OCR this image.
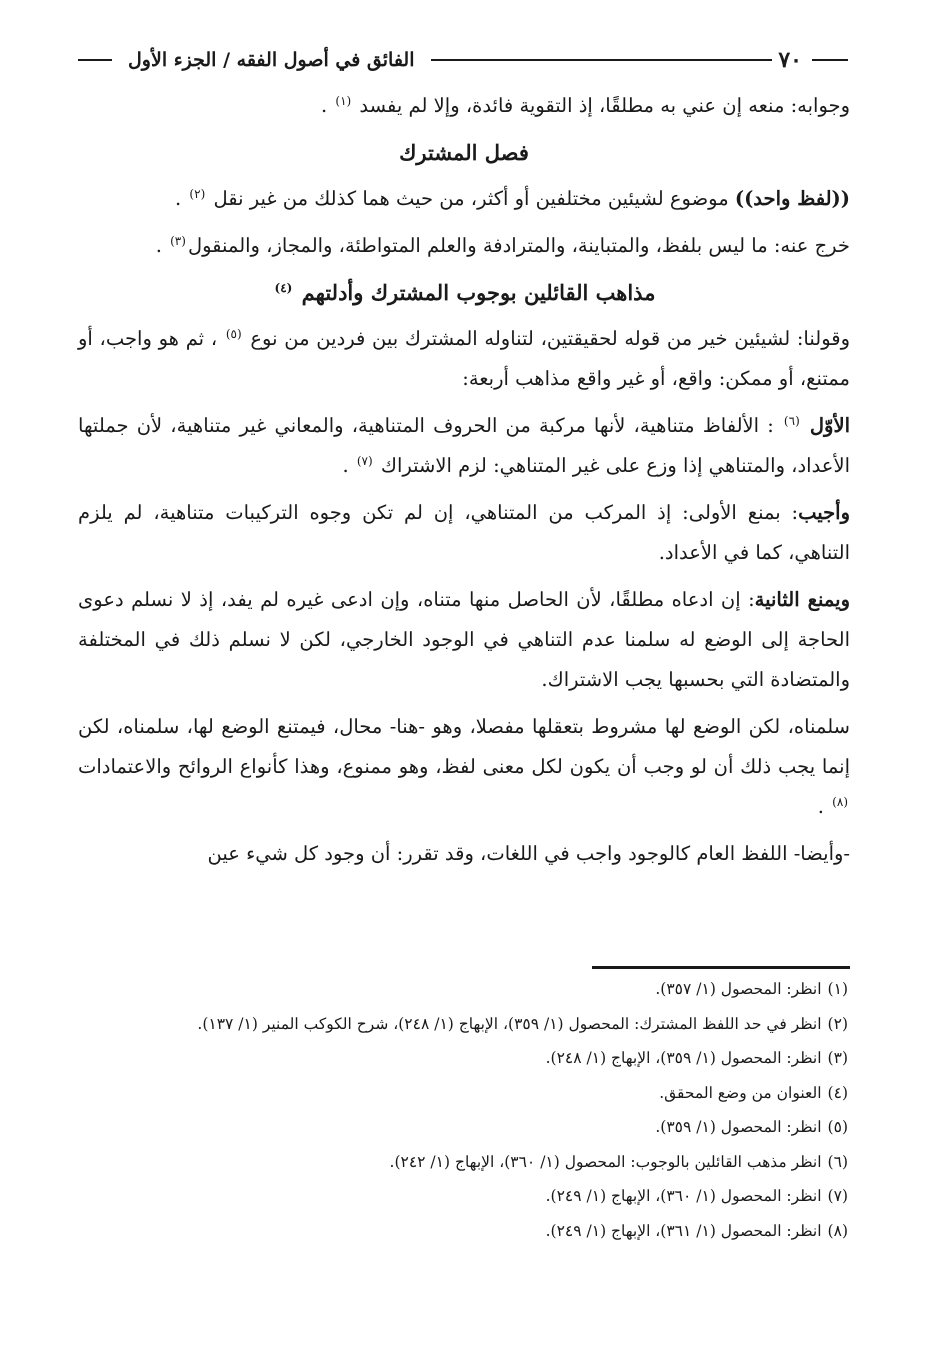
٧٠
الفائق في أصول الفقه / الجزء الأول

وجوابه: منعه إن عني به مطلقًا، إذ التقوية فائدة، وإلا لم يفسد $^{(١)}$ .

فصل المشترك

((لفظ واحد)) موضوع لشيئين مختلفين أو أكثر، من حيث هما كذلك من غير نقل $^{(٢)}$ .

خرج عنه: ما ليس بلفظ، والمتباينة، والمترادفة والعلم المتواطئة، والمجاز، والمنقول$^{(٣)}$ .

مذاهب القائلين بوجوب المشترك وأدلتهم $^{(٤)}$

وقولنا: لشيئين خير من قوله لحقيقتين، لتناوله المشترك بين فردين من نوع $^{(٥)}$ ، ثم هو واجب، أو ممتنع، أو ممكن: واقع، أو غير واقع مذاهب أربعة:

الأوّل $^{(٦)}$ : الألفاظ متناهية، لأنها مركبة من الحروف المتناهية، والمعاني غير متناهية، لأن جملتها الأعداد، والمتناهي إذا وزع على غير المتناهي: لزم الاشتراك $^{(٧)}$ .

وأجيب: بمنع الأولى: إذ المركب من المتناهي، إن لم تكن وجوه التركيبات متناهية، لم يلزم التناهي، كما في الأعداد.

ويمنع الثانية: إن ادعاه مطلقًا، لأن الحاصل منها متناه، وإن ادعى غيره لم يفد، إذ لا نسلم دعوى الحاجة إلى الوضع له سلمنا عدم التناهي في الوجود الخارجي، لكن لا نسلم ذلك في المختلفة والمتضادة التي بحسبها يجب الاشتراك.

سلمناه، لكن الوضع لها مشروط بتعقلها مفصلا، وهو -هنا- محال، فيمتنع الوضع لها، سلمناه، لكن إنما يجب ذلك أن لو وجب أن يكون لكل معنى لفظ، وهو ممنوع، وهذا كأنواع الروائح والاعتمادات $^{(٨)}$ .

-وأيضا- اللفظ العام كالوجود واجب في اللغات، وقد تقرر: أن وجود كل شيء عين

(١)انظر: المحصول (١/ ٣٥٧).

(٢)انظر في حد اللفظ المشترك: المحصول (١/ ٣٥٩)، الإبهاج (١/ ٢٤٨)، شرح الكوكب المنير (١/ ١٣٧).

(٣)انظر: المحصول (١/ ٣٥٩)، الإبهاج (١/ ٢٤٨).

(٤)العنوان من وضع المحقق.

(٥)انظر: المحصول (١/ ٣٥٩).

(٦)انظر مذهب القائلين بالوجوب: المحصول (١/ ٣٦٠)، الإبهاج (١/ ٢٤٢).

(٧)انظر: المحصول (١/ ٣٦٠)، الإبهاج (١/ ٢٤٩).

(٨)انظر: المحصول (١/ ٣٦١)، الإبهاج (١/ ٢٤٩).
